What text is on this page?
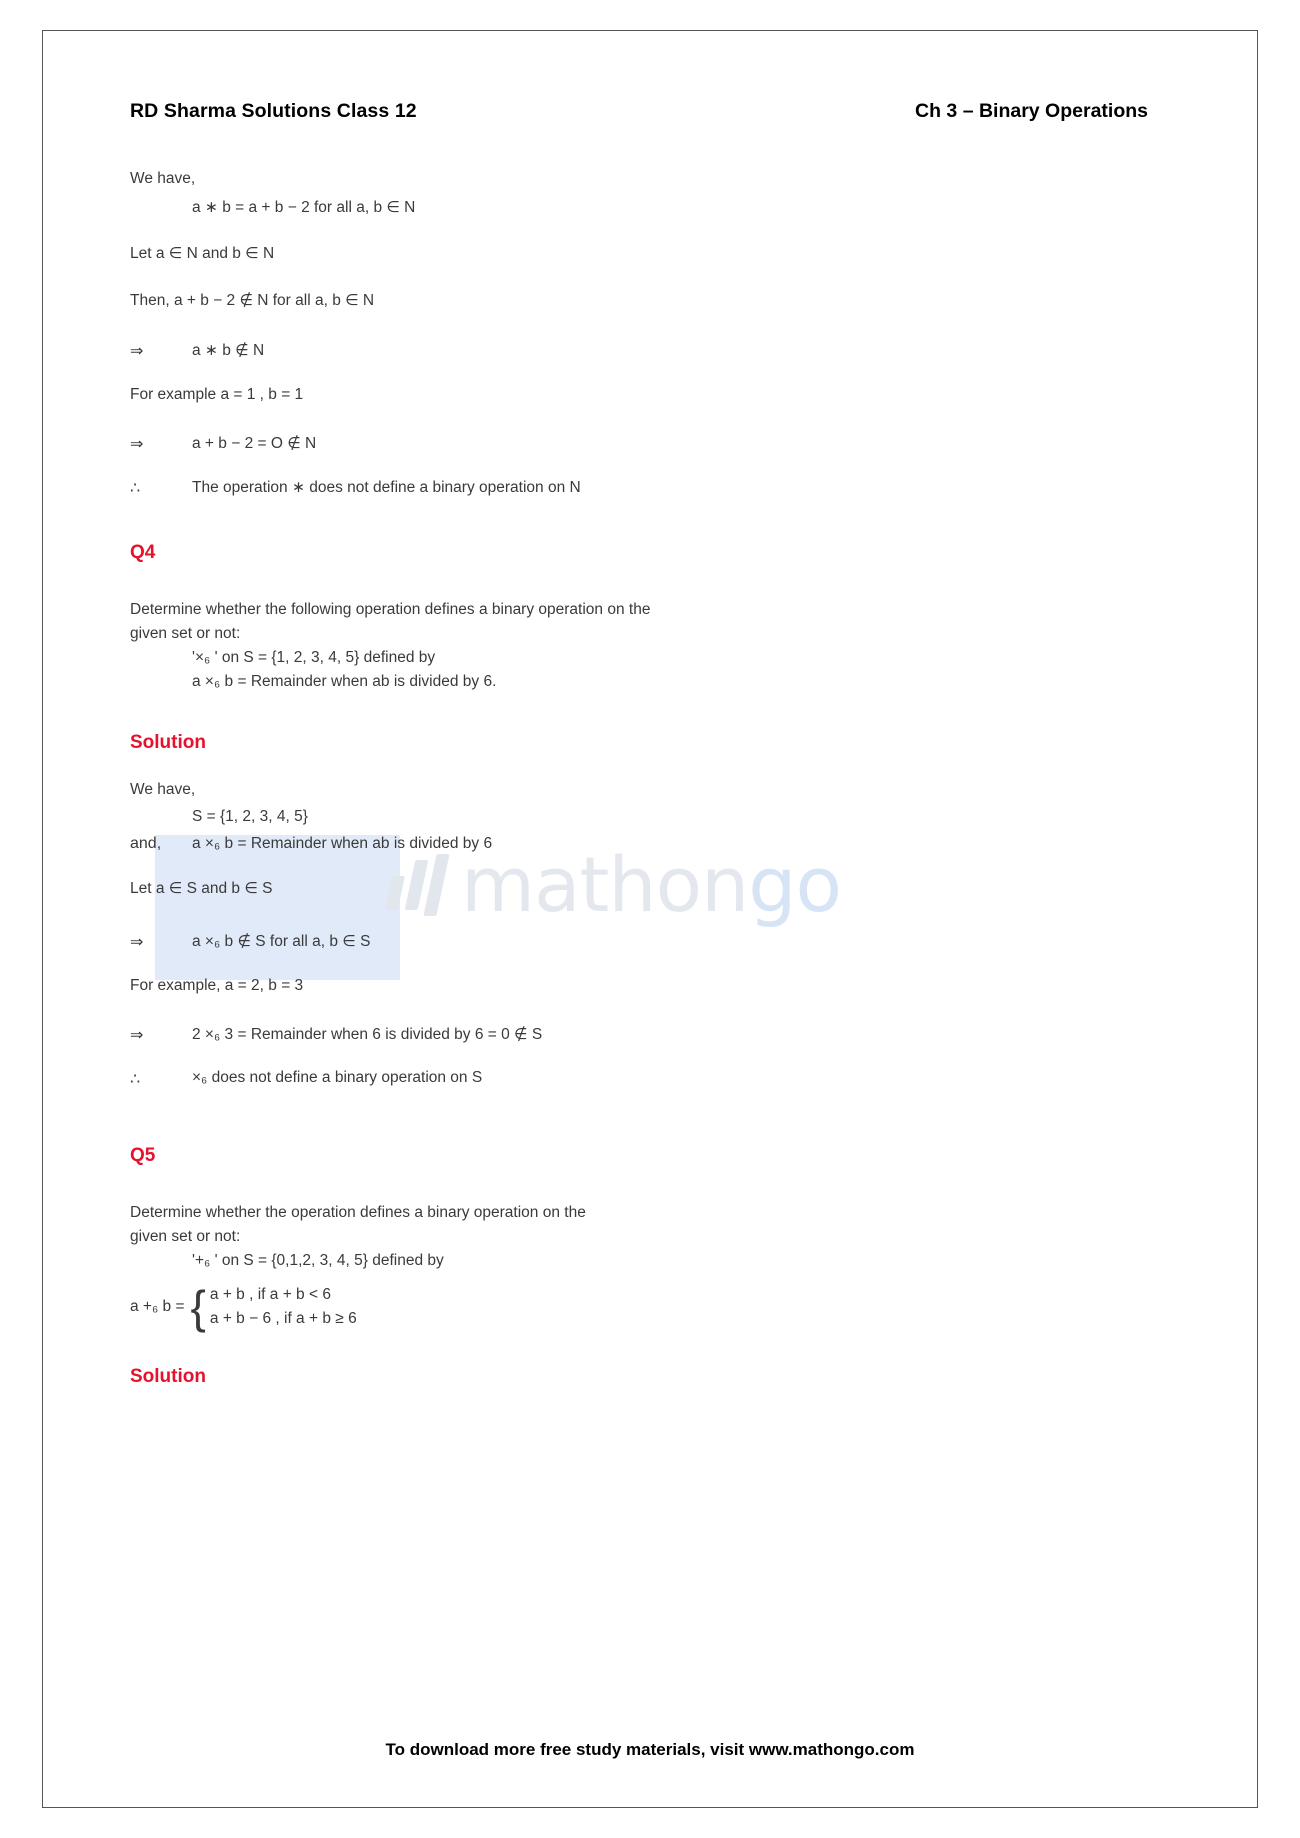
mathongo
RD Sharma Solutions Class 12	Ch 3 – Binary Operations
We have,
a ∗ b = a + b − 2 for all a, b ∈ N
Let a ∈ N and b ∈ N
Then, a + b − 2 ∉ N for all a, b ∈ N
⇒	a ∗ b ∉ N
For example a = 1 , b = 1
⇒	a + b − 2 = O ∉ N
∴	The operation ∗ does not define a binary operation on N
Q4
Determine whether the following operation defines a binary operation on the
given set or not:
'×₆ ' on S = {1, 2, 3, 4, 5} defined by
a ×₆ b = Remainder when ab is divided by 6.
Solution
We have,
S = {1, 2, 3, 4, 5}
and,	a ×₆ b = Remainder when ab is divided by 6
Let a ∈ S and b ∈ S
⇒	a ×₆ b ∉ S for all a, b ∈ S
For example, a = 2, b = 3
⇒	2 ×₆ 3 = Remainder when 6 is divided by 6 = 0 ∉ S
∴	×₆ does not define a binary operation on S
Q5
Determine whether the operation defines a binary operation on the
given set or not:
'+₆ ' on S = {0,1,2, 3, 4, 5} defined by
a +₆ b = { a + b , if a + b < 6
a + b − 6 , if a + b ≥ 6
Solution
To download more free study materials, visit www.mathongo.com
